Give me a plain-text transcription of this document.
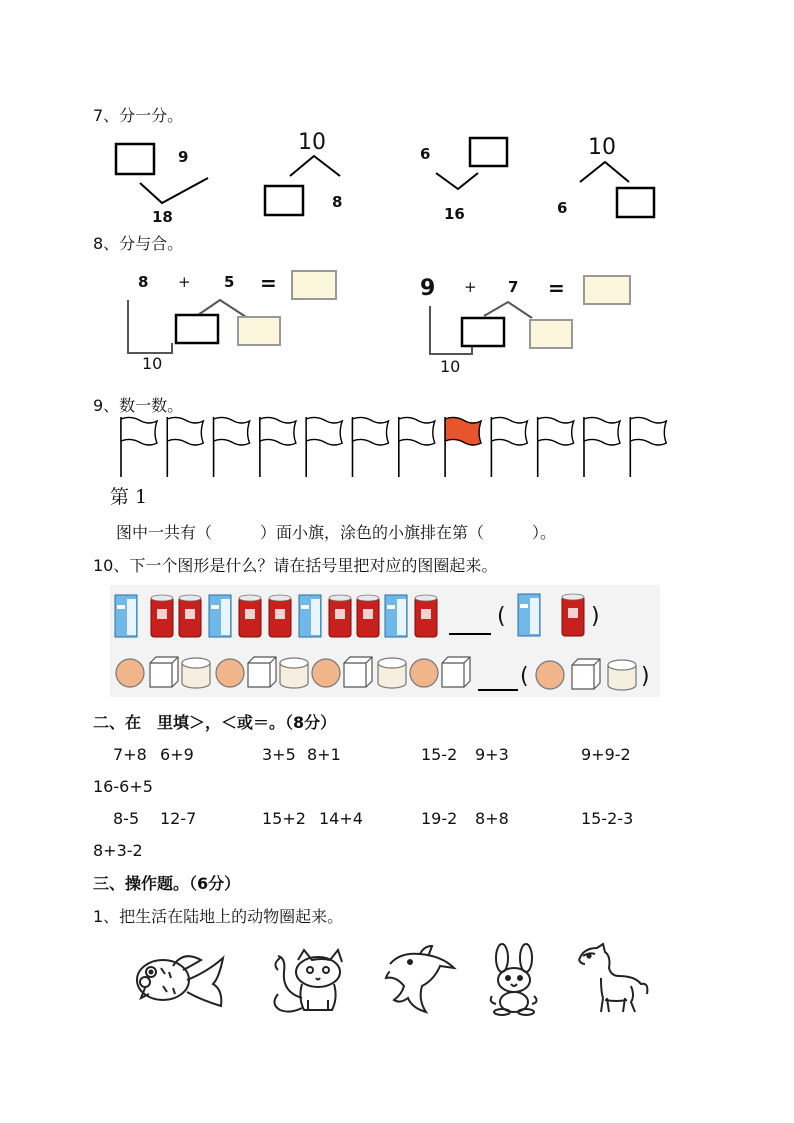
7、分一分。
9
18
10
8
6
16
10
6
8、分与合。
8 + 5 =
10
9 + 7 =
10
9、数一数。
第 1
图中一共有（　　　）面小旗，涂色的小旗排在第（　　　）。
10、下一个图形是什么？请在括号里把对应的图圈起来。
(	)
(	)
二、在　里填＞，＜或＝。（8分）
7+8 6+9	3+5 8+1	15-2 9+3	9+9-2
16-6+5
8-5 12-7	15+2 14+4	19-2 8+8	15-2-3
8+3-2
三、操作题。（6分）
1、把生活在陆地上的动物圈起来。
